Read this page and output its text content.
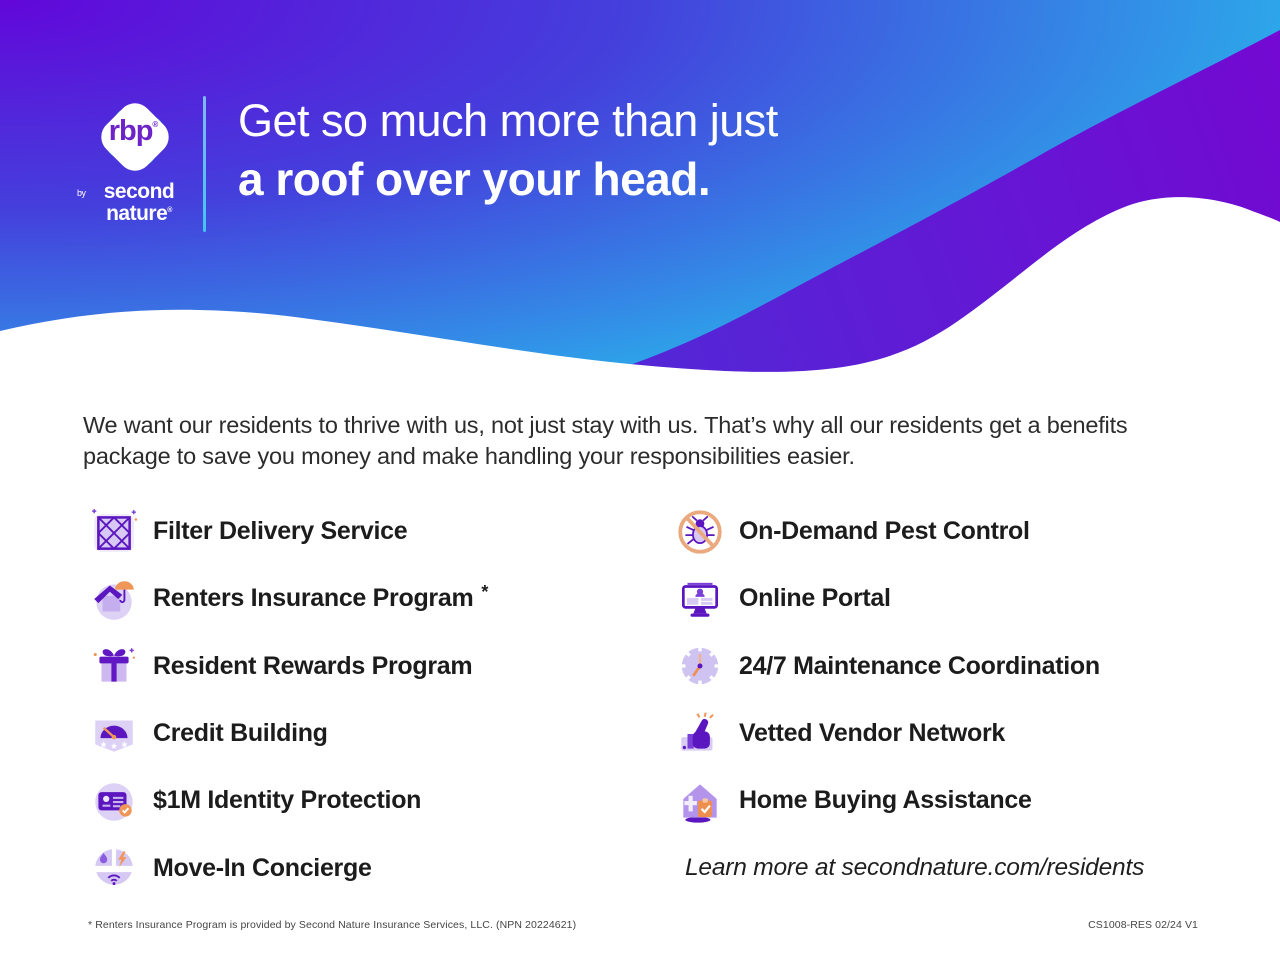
rbp®
by second
nature®
Get so much more than just
a roof over your head.

We want our residents to thrive with us, not just stay with us. That’s why all our residents get a benefits package to save you money and make handling your responsibilities easier.

Filter Delivery Service
Renters Insurance Program *
Resident Rewards Program
Credit Building
$1M Identity Protection
Move-In Concierge
On-Demand Pest Control
Online Portal
24/7 Maintenance Coordination
Vetted Vendor Network
Home Buying Assistance
Learn more at secondnature.com/residents
* Renters Insurance Program is provided by Second Nature Insurance Services, LLC. (NPN 20224621)	CS1008-RES 02/24 V1
